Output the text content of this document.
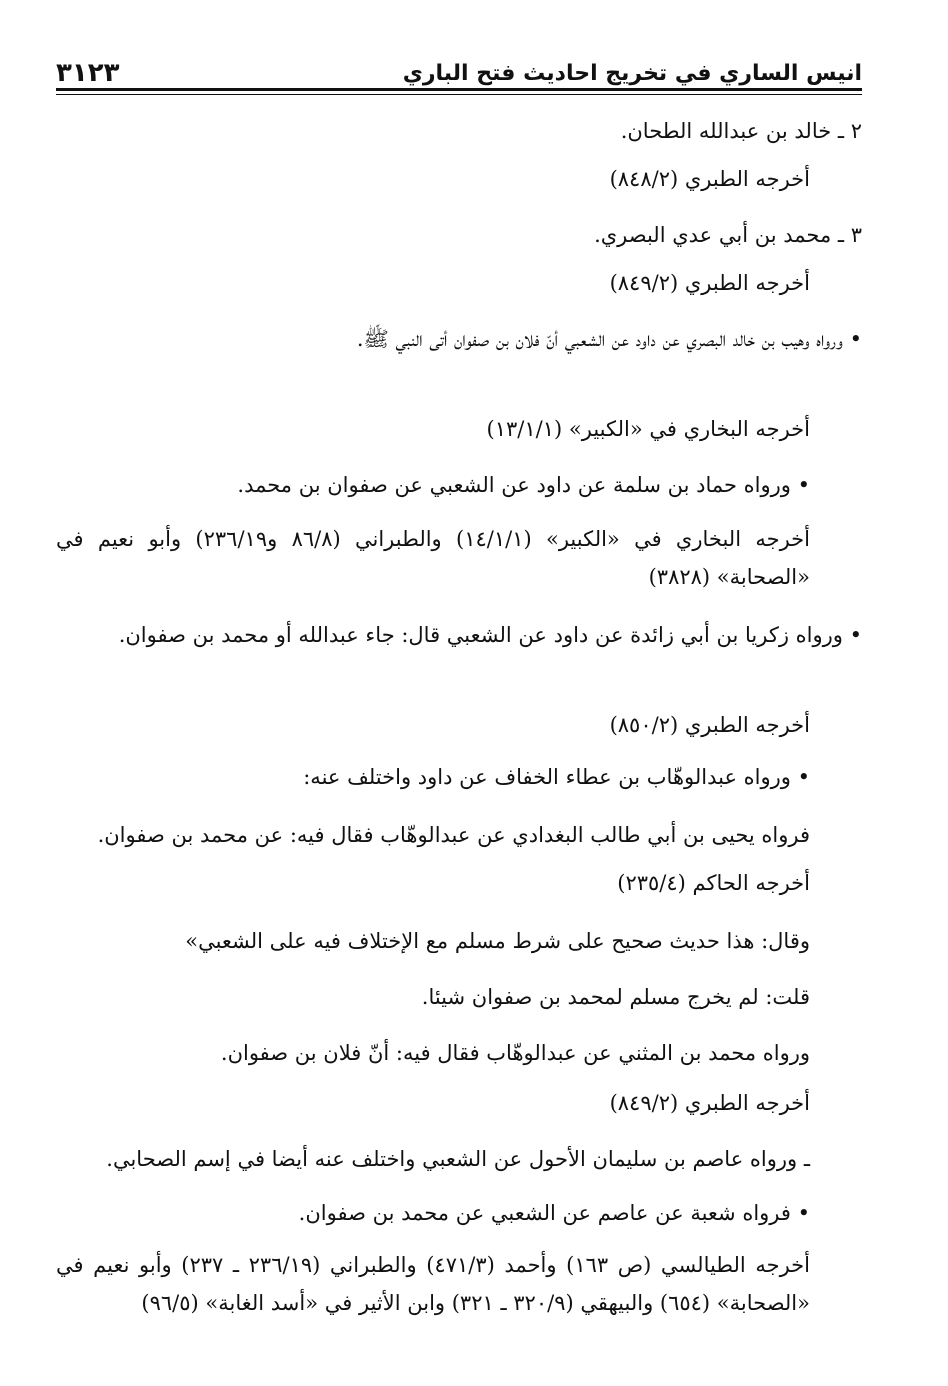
انيس الساري في تخريج احاديث فتح الباري
٣١٢٣
٢ ـ خالد بن عبدالله الطحان.
أخرجه الطبري (٨٤٨/٢)
٣ ـ محمد بن أبي عدي البصري.
أخرجه الطبري (٨٤٩/٢)
• ورواه وهيب بن خالد البصري عن داود عن الشعبي أنّ فلان بن صفوان أتى النبي ﷺ.
أخرجه البخاري في «الكبير» (١٣/١/١)
• ورواه حماد بن سلمة عن داود عن الشعبي عن صفوان بن محمد.
أخرجه البخاري في «الكبير» (١٤/١/١) والطبراني (٨٦/٨ و٢٣٦/١٩) وأبو نعيم في «الصحابة» (٣٨٢٨)
• ورواه زكريا بن أبي زائدة عن داود عن الشعبي قال: جاء عبدالله أو محمد بن صفوان.
أخرجه الطبري (٨٥٠/٢)
• ورواه عبدالوهّاب بن عطاء الخفاف عن داود واختلف عنه:
فرواه يحيى بن أبي طالب البغدادي عن عبدالوهّاب فقال فيه: عن محمد بن صفوان.
أخرجه الحاكم (٢٣٥/٤)
وقال: هذا حديث صحيح على شرط مسلم مع الإختلاف فيه على الشعبي»
قلت: لم يخرج مسلم لمحمد بن صفوان شيئا.
ورواه محمد بن المثني عن عبدالوهّاب فقال فيه: أنّ فلان بن صفوان.
أخرجه الطبري (٨٤٩/٢)
ـ ورواه عاصم بن سليمان الأحول عن الشعبي واختلف عنه أيضا في إسم الصحابي.
• فرواه شعبة عن عاصم عن الشعبي عن محمد بن صفوان.
أخرجه الطيالسي (ص ١٦٣) وأحمد (٤٧١/٣) والطبراني (٢٣٦/١٩ ـ ٢٣٧) وأبو نعيم في «الصحابة» (٦٥٤) والبيهقي (٣٢٠/٩ ـ ٣٢١) وابن الأثير في «أسد الغابة» (٩٦/٥)
